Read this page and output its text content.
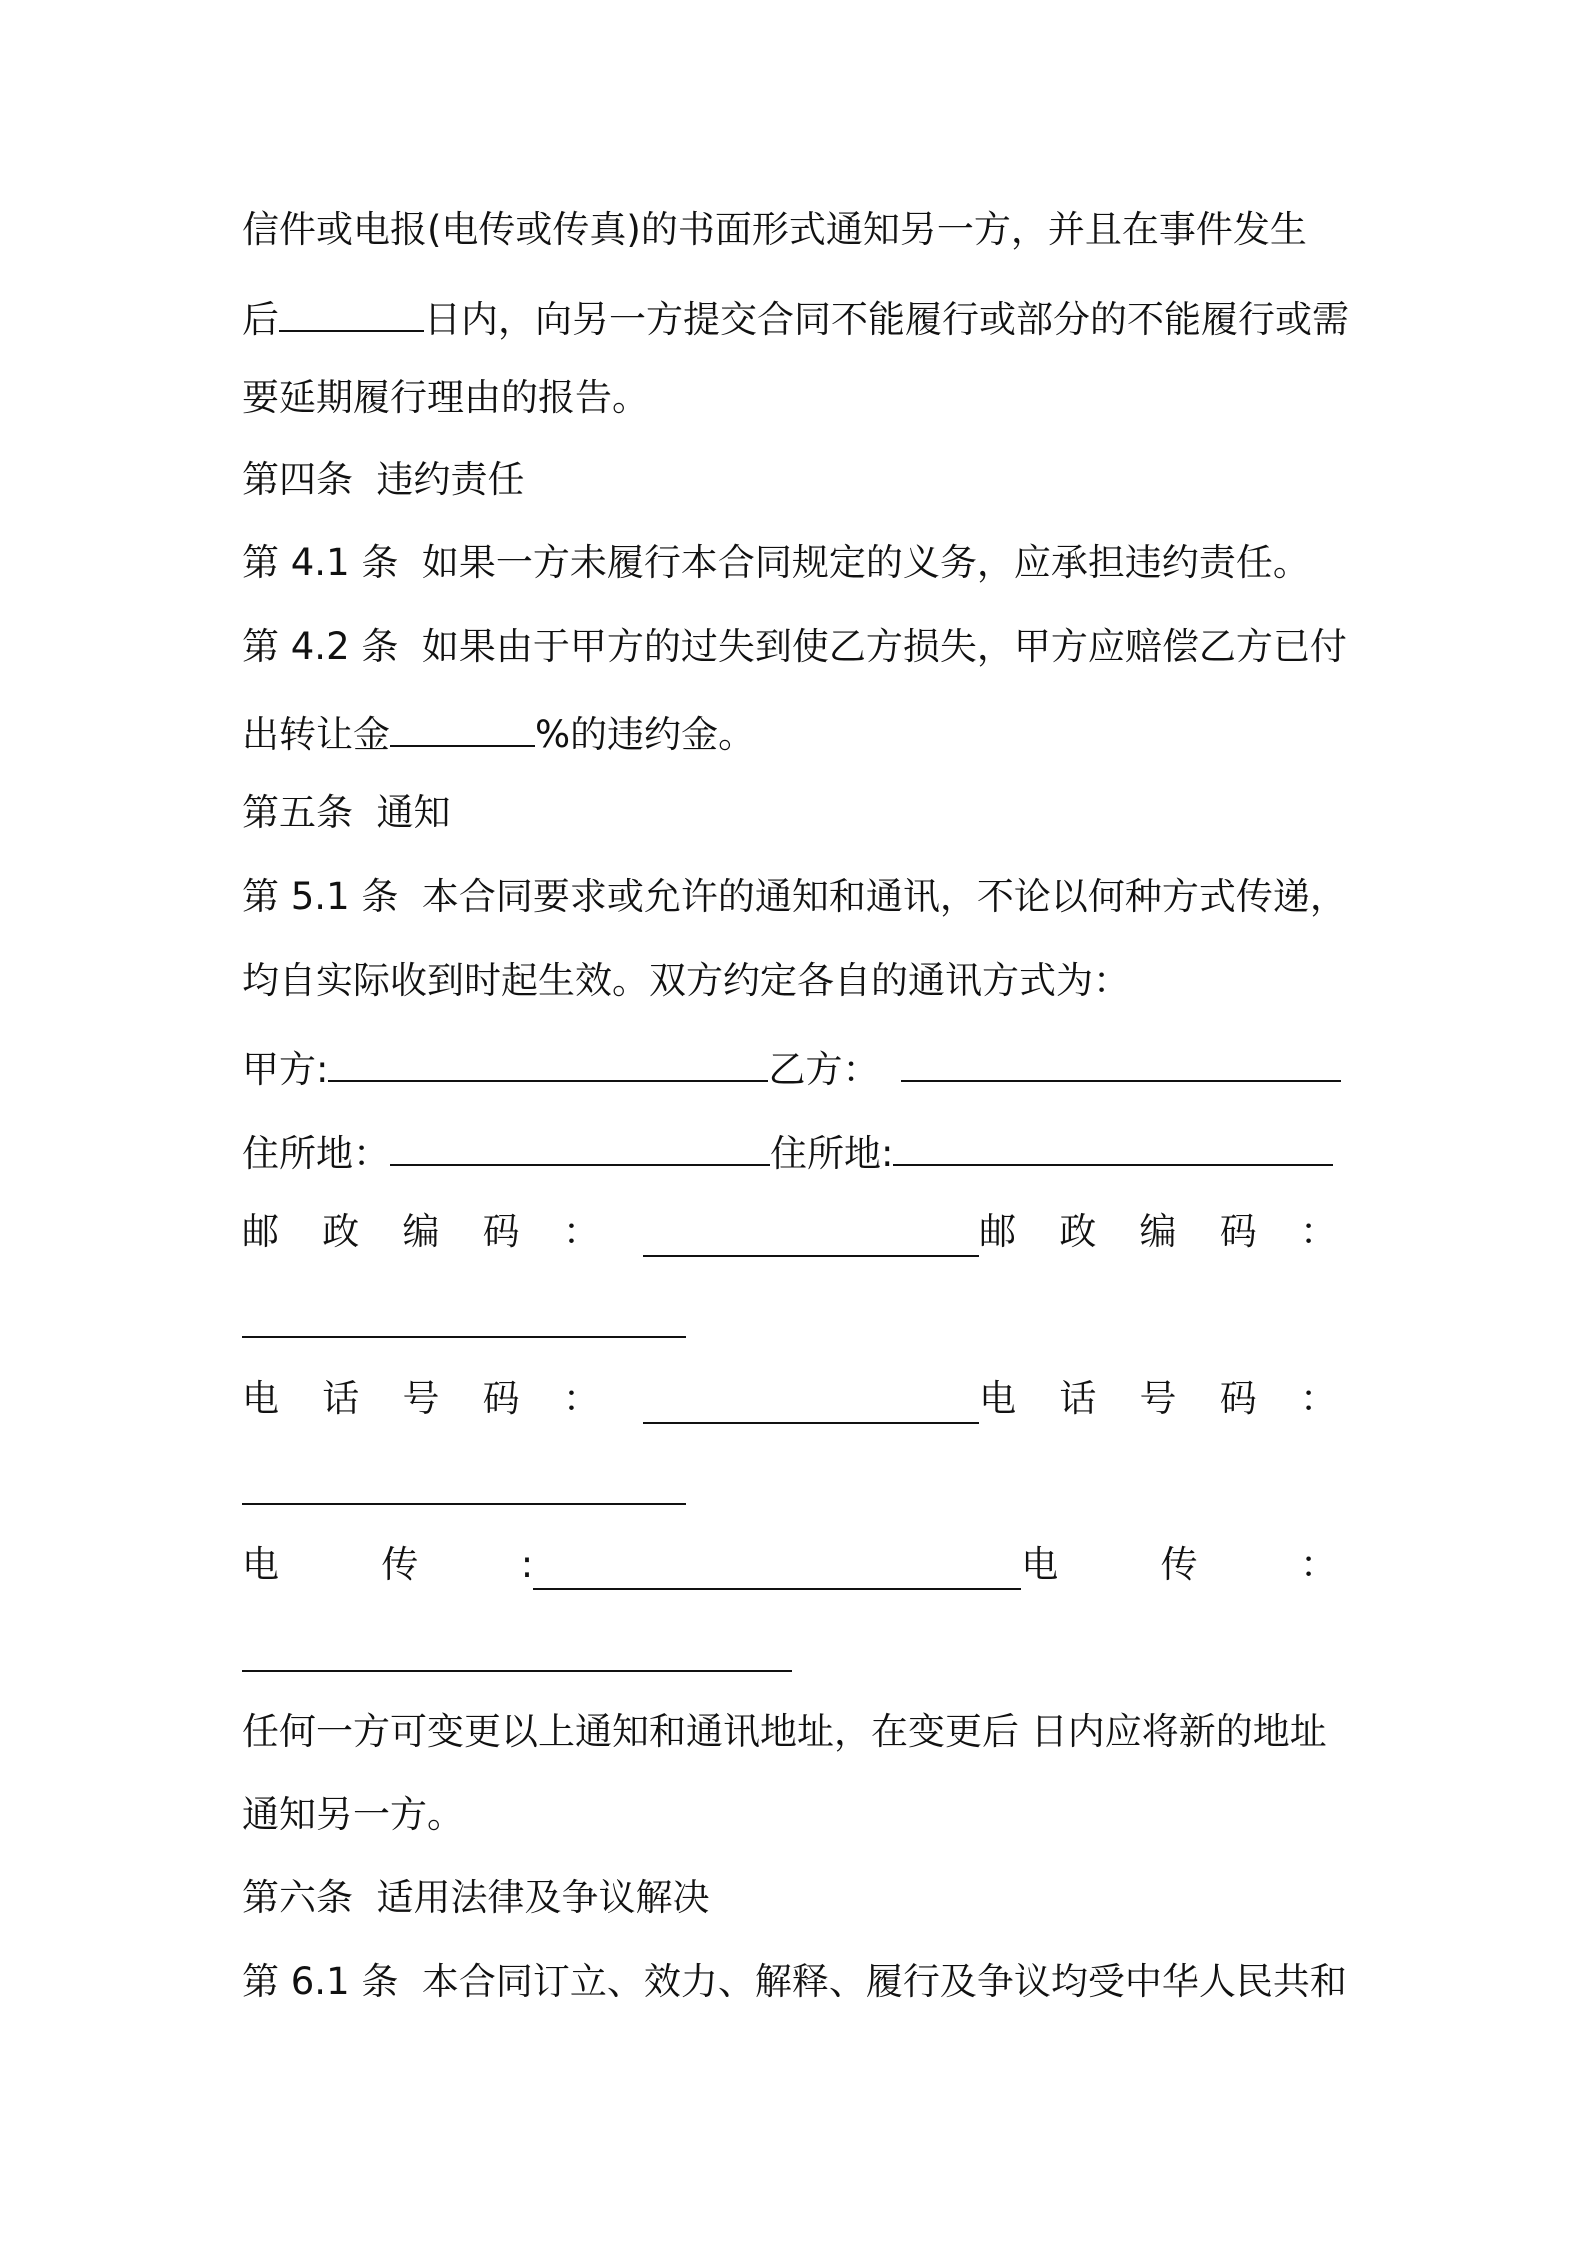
信件或电报(电传或传真)的书面形式通知另一方，并且在事件发生
后	日内，向另一方提交合同不能履行或部分的不能履行或需
要延期履行理由的报告。
第四条  违约责任
第 4.1 条  如果一方未履行本合同规定的义务，应承担违约责任。
第 4.2 条  如果由于甲方的过失到使乙方损失，甲方应赔偿乙方已付
出转让金	%的违约金。
第五条  通知
第 5.1 条  本合同要求或允许的通知和通讯，不论以何种方式传递，
均自实际收到时起生效。双方约定各自的通讯方式为：
甲方:	乙方：
住所地：	住所地:
邮 政 编 码 ：	邮 政 编 码 ：
电 话 号 码 ：	电 话 号 码 ：
电	传	:	电	传	：
任何一方可变更以上通知和通讯地址，在变更后 日内应将新的地址
通知另一方。
第六条  适用法律及争议解决
第 6.1 条  本合同订立、效力、解释、履行及争议均受中华人民共和
